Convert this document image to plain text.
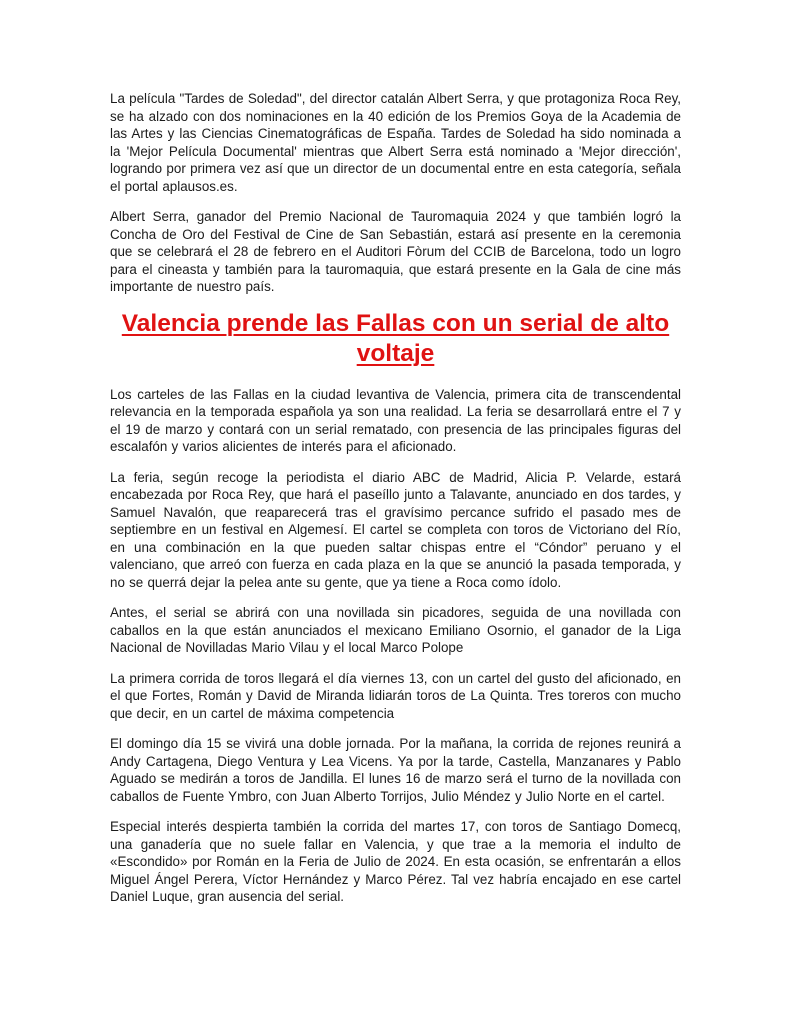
La película "Tardes de Soledad", del director catalán Albert Serra, y que protagoniza Roca Rey, se ha alzado con dos nominaciones en la 40 edición de los Premios Goya de la Academia de las Artes y las Ciencias Cinematográficas de España. Tardes de Soledad ha sido nominada a la 'Mejor Película Documental' mientras que Albert Serra está nominado a 'Mejor dirección', logrando por primera vez así que un director de un documental entre en esta categoría, señala el portal aplausos.es.

Albert Serra, ganador del Premio Nacional de Tauromaquia 2024 y que también logró la Concha de Oro del Festival de Cine de San Sebastián, estará así presente en la ceremonia que se celebrará el 28 de febrero en el Auditori Fòrum del CCIB de Barcelona, todo un logro para el cineasta y también para la tauromaquia, que estará presente en la Gala de cine más importante de nuestro país.

Valencia prende las Fallas con un serial de alto voltaje

Los carteles de las Fallas en la ciudad levantiva de Valencia, primera cita de transcendental relevancia en la temporada española ya son una realidad. La feria se desarrollará entre el 7 y el 19 de marzo y contará con un serial rematado, con presencia de las principales figuras del escalafón y varios alicientes de interés para el aficionado.

La feria, según recoge la periodista el diario ABC de Madrid, Alicia P. Velarde, estará encabezada por Roca Rey, que hará el paseíllo junto a Talavante, anunciado en dos tardes, y Samuel Navalón, que reaparecerá tras el gravísimo percance sufrido el pasado mes de septiembre en un festival en Algemesí. El cartel se completa con toros de Victoriano del Río, en una combinación en la que pueden saltar chispas entre el “Cóndor” peruano y el valenciano, que arreó con fuerza en cada plaza en la que se anunció la pasada temporada, y no se querrá dejar la pelea ante su gente, que ya tiene a Roca como ídolo.

Antes, el serial se abrirá con una novillada sin picadores, seguida de una novillada con caballos en la que están anunciados el mexicano Emiliano Osornio, el ganador de la Liga Nacional de Novilladas Mario Vilau y el local Marco Polope

La primera corrida de toros llegará el día viernes 13, con un cartel del gusto del aficionado, en el que Fortes, Román y David de Miranda lidiarán toros de La Quinta. Tres toreros con mucho que decir, en un cartel de máxima competencia

El domingo día 15 se vivirá una doble jornada. Por la mañana, la corrida de rejones reunirá a Andy Cartagena, Diego Ventura y Lea Vicens. Ya por la tarde, Castella, Manzanares y Pablo Aguado se medirán a toros de Jandilla. El lunes 16 de marzo será el turno de la novillada con caballos de Fuente Ymbro, con Juan Alberto Torrijos, Julio Méndez y Julio Norte en el cartel.

Especial interés despierta también la corrida del martes 17, con toros de Santiago Domecq, una ganadería que no suele fallar en Valencia, y que trae a la memoria el indulto de «Escondido» por Román en la Feria de Julio de 2024. En esta ocasión, se enfrentarán a ellos Miguel Ángel Perera, Víctor Hernández y Marco Pérez. Tal vez habría encajado en ese cartel Daniel Luque, gran ausencia del serial.
